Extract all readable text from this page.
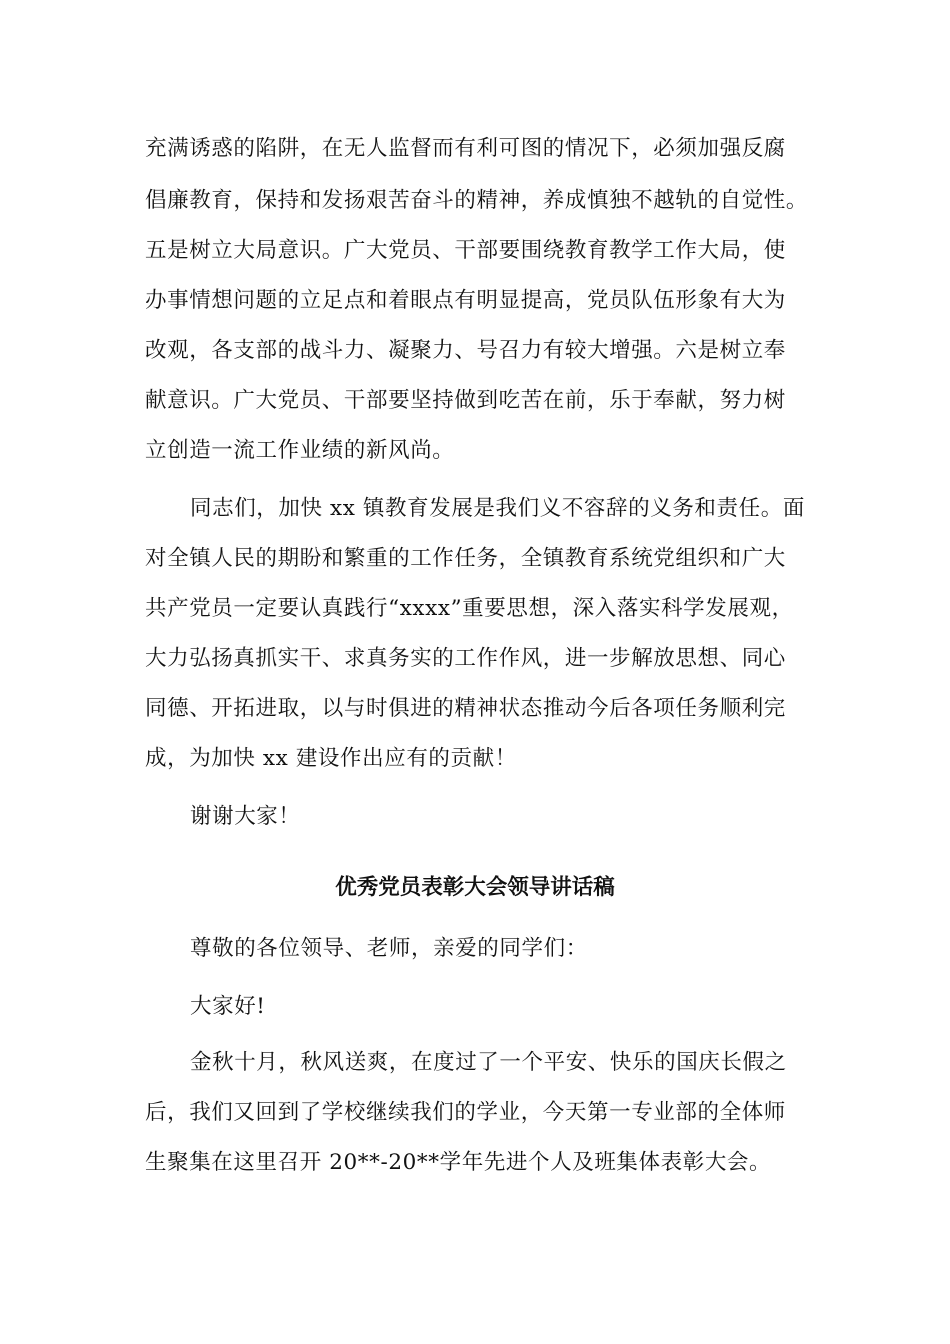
充满诱惑的陷阱，在无人监督而有利可图的情况下，必须加强反腐
倡廉教育，保持和发扬艰苦奋斗的精神，养成慎独不越轨的自觉性。
五是树立大局意识。广大党员、干部要围绕教育教学工作大局，使
办事情想问题的立足点和着眼点有明显提高，党员队伍形象有大为
改观，各支部的战斗力、凝聚力、号召力有较大增强。六是树立奉
献意识。广大党员、干部要坚持做到吃苦在前，乐于奉献，努力树
立创造一流工作业绩的新风尚。
同志们，加快 xx 镇教育发展是我们义不容辞的义务和责任。面
对全镇人民的期盼和繁重的工作任务，全镇教育系统党组织和广大
共产党员一定要认真践行“xxxx”重要思想，深入落实科学发展观，
大力弘扬真抓实干、求真务实的工作作风，进一步解放思想、同心
同德、开拓进取，以与时俱进的精神状态推动今后各项任务顺利完
成，为加快 xx 建设作出应有的贡献！
谢谢大家！
优秀党员表彰大会领导讲话稿
尊敬的各位领导、老师，亲爱的同学们：
大家好!
金秋十月，秋风送爽，在度过了一个平安、快乐的国庆长假之
后，我们又回到了学校继续我们的学业，今天第一专业部的全体师
生聚集在这里召开 20**-20**学年先进个人及班集体表彰大会。
